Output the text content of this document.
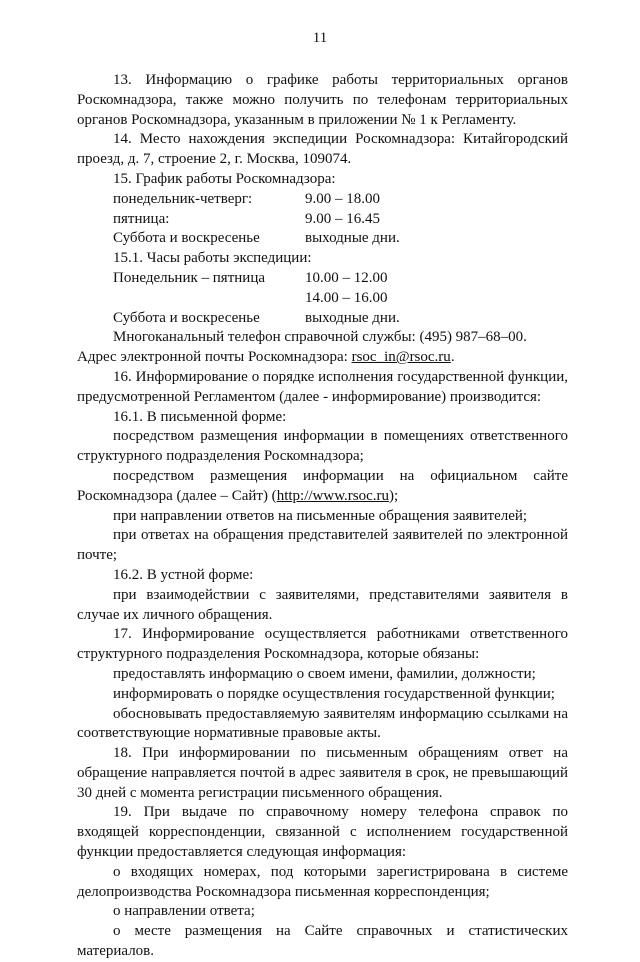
11

13. Информацию о графике работы территориальных органов Роскомнадзора, также можно получить по телефонам территориальных органов Роскомнадзора, указанным в приложении № 1 к Регламенту.

14. Место нахождения экспедиции Роскомнадзора: Китайгородский проезд, д. 7, строение 2, г. Москва, 109074.

15. График работы Роскомнадзора:

понедельник-четверг:	9.00 – 18.00
пятница:	9.00 – 16.45
Суббота и воскресенье	выходные дни.

15.1. Часы работы экспедиции:

Понедельник – пятница	10.00 – 12.00
14.00 – 16.00
Суббота и воскресенье	выходные дни.

Многоканальный телефон справочной службы: (495) 987–68–00.

Адрес электронной почты Роскомнадзора: rsoc_in@rsoc.ru.

16. Информирование о порядке исполнения государственной функции, предусмотренной Регламентом (далее - информирование) производится:

16.1. В письменной форме:

посредством размещения информации в помещениях ответственного структурного подразделения Роскомнадзора;

посредством размещения информации на официальном сайте Роскомнадзора (далее – Сайт) (http://www.rsoc.ru);

при направлении ответов на письменные обращения заявителей;

при ответах на обращения представителей заявителей по электронной почте;

16.2. В устной форме:

при взаимодействии с заявителями, представителями заявителя в случае их личного обращения.

17. Информирование осуществляется работниками ответственного структурного подразделения Роскомнадзора, которые обязаны:

предоставлять информацию о своем имени, фамилии, должности;

информировать о порядке осуществления государственной функции;

обосновывать предоставляемую заявителям информацию ссылками на соответствующие нормативные правовые акты.

18. При информировании по письменным обращениям ответ на обращение направляется почтой в адрес заявителя в срок, не превышающий 30 дней с момента регистрации письменного обращения.

19. При выдаче по справочному номеру телефона справок по входящей корреспонденции, связанной с исполнением государственной функции предоставляется следующая информация:

о входящих номерах, под которыми зарегистрирована в системе делопроизводства Роскомнадзора письменная корреспонденция;

о направлении ответа;

о месте размещения на Сайте справочных и статистических материалов.
